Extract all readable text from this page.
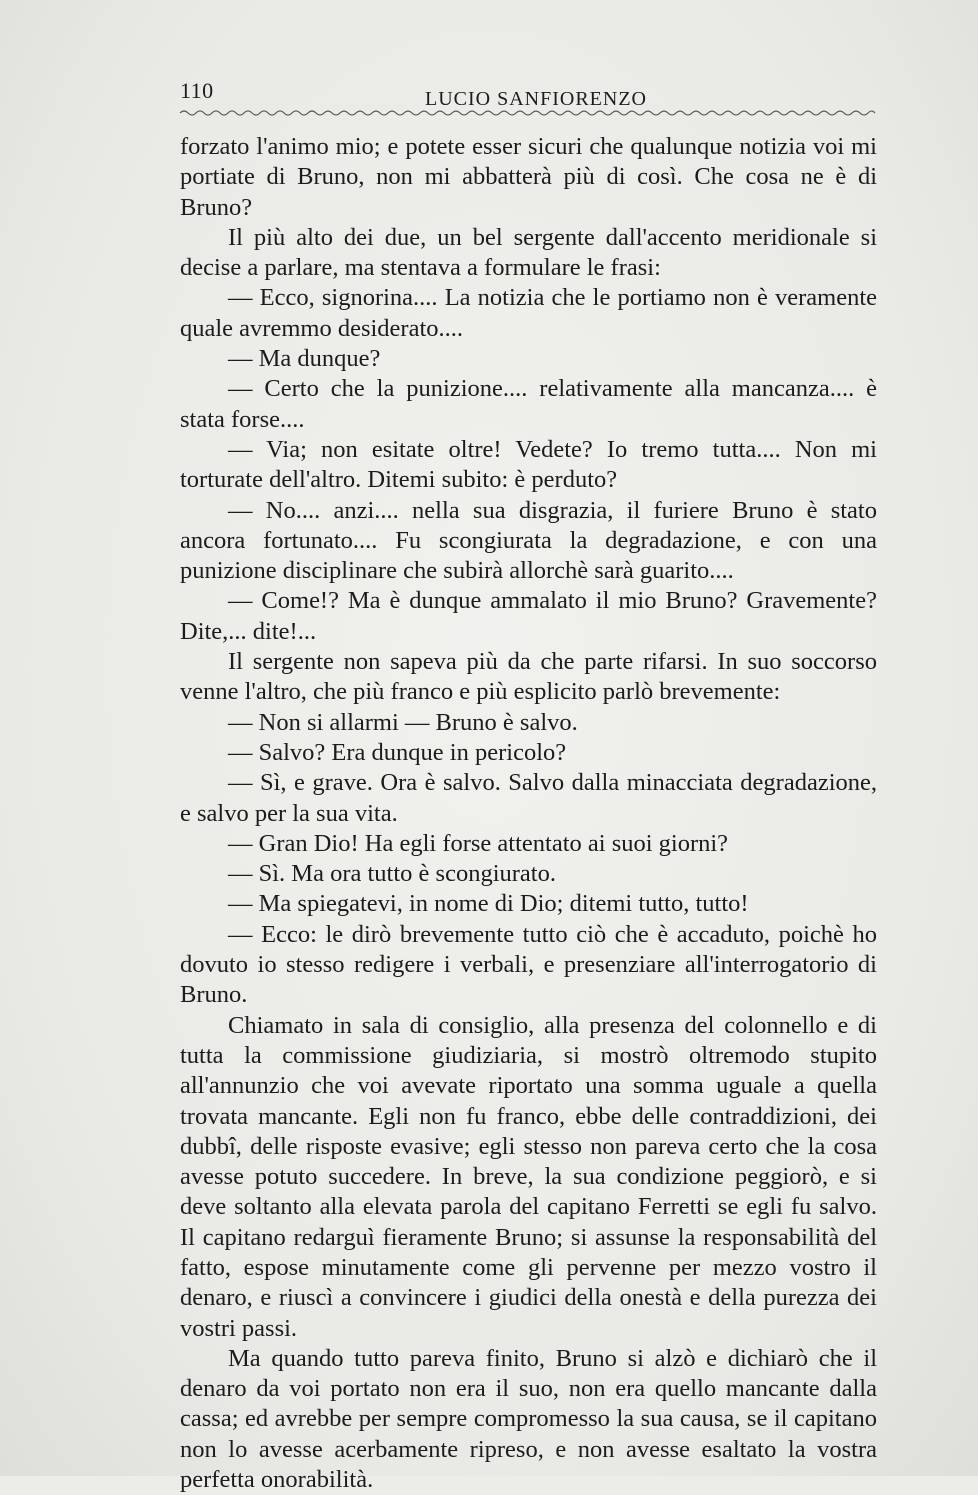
110	LUCIO SANFIORENZO

forzato l'animo mio; e potete esser sicuri che qualunque notizia voi mi portiate di Bruno, non mi abbatterà più di così. Che cosa ne è di Bruno?

Il più alto dei due, un bel sergente dall'accento meridionale si decise a parlare, ma stentava a formulare le frasi:

— Ecco, signorina.... La notizia che le portiamo non è veramente quale avremmo desiderato....

— Ma dunque?

— Certo che la punizione.... relativamente alla mancanza.... è stata forse....

— Via; non esitate oltre! Vedete? Io tremo tutta.... Non mi torturate dell'altro. Ditemi subito: è perduto?

— No.... anzi.... nella sua disgrazia, il furiere Bruno è stato ancora fortunato.... Fu scongiurata la degradazione, e con una punizione disciplinare che subirà allorchè sarà guarito....

— Come!? Ma è dunque ammalato il mio Bruno? Gravemente? Dite,... dite!...

Il sergente non sapeva più da che parte rifarsi. In suo soccorso venne l'altro, che più franco e più esplicito parlò brevemente:

— Non si allarmi — Bruno è salvo.

— Salvo? Era dunque in pericolo?

— Sì, e grave. Ora è salvo. Salvo dalla minacciata degradazione, e salvo per la sua vita.

— Gran Dio! Ha egli forse attentato ai suoi giorni?

— Sì. Ma ora tutto è scongiurato.

— Ma spiegatevi, in nome di Dio; ditemi tutto, tutto!

— Ecco: le dirò brevemente tutto ciò che è accaduto, poichè ho dovuto io stesso redigere i verbali, e presenziare all'interrogatorio di Bruno.

Chiamato in sala di consiglio, alla presenza del colonnello e di tutta la commissione giudiziaria, si mostrò oltremodo stupito all'annunzio che voi avevate riportato una somma uguale a quella trovata mancante. Egli non fu franco, ebbe delle contraddizioni, dei dubbî, delle risposte evasive; egli stesso non pareva certo che la cosa avesse potuto succedere. In breve, la sua condizione peggiorò, e si deve soltanto alla elevata parola del capitano Ferretti se egli fu salvo. Il capitano redarguì fieramente Bruno; si assunse la responsabilità del fatto, espose minutamente come gli pervenne per mezzo vostro il denaro, e riuscì a convincere i giudici della onestà e della purezza dei vostri passi.

Ma quando tutto pareva finito, Bruno si alzò e dichiarò che il denaro da voi portato non era il suo, non era quello mancante dalla cassa; ed avrebbe per sempre compromesso la sua causa, se il capitano non lo avesse acerbamente ripreso, e non avesse esaltato la vostra perfetta onorabilità.
